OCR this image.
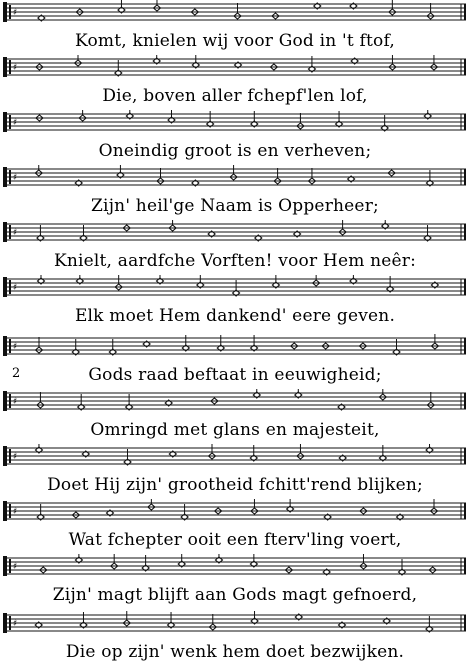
♯
Komt, knielen wij voor God in 't ftof,
♯
Die, boven aller fchepf'len lof,
♯
Oneindig groot is en verheven;
♯
Zijn' heil'ge Naam is Opperheer;
♯
Knielt, aardfche Vorften! voor Hem neêr:
♯
Elk moet Hem dankend' eere geven.
♯
2	Gods raad beftaat in eeuwigheid;
♯
Omringd met glans en majesteit,
♯
Doet Hij zijn' grootheid fchitt'rend blijken;
♯
Wat fchepter ooit een fterv'ling voert,
♯
Zijn' magt blijft aan Gods magt gefnoerd,
♯
Die op zijn' wenk hem doet bezwijken.
